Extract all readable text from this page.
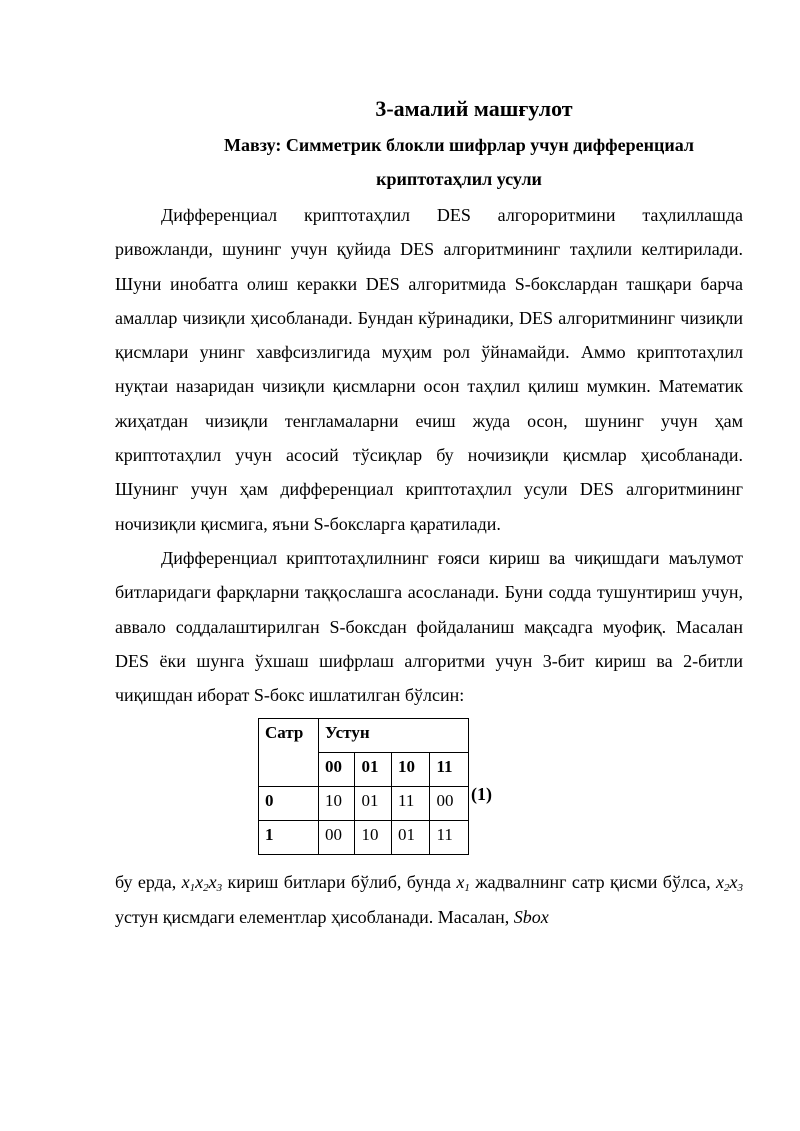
3-амалий машғулот

Мавзу: Симметрик блокли шифрлар учун дифференциал криптотаҳлил усули

Дифференциал криптотаҳлил DES алгороритмини таҳлиллашда ривожланди, шунинг учун қуйида DES алгоритмининг таҳлили келтирилади. Шуни инобатга олиш керакки DES алгоритмида S-бокслардан ташқари барча амаллар чизиқли ҳисобланади. Бундан кўринадики, DES алгоритмининг чизиқли қисмлари унинг хавфсизлигида муҳим рол ўйнамайди. Аммо криптотаҳлил нуқтаи назаридан чизиқли қисмларни осон таҳлил қилиш мумкин. Математик жиҳатдан чизиқли тенгламаларни ечиш жуда осон, шунинг учун ҳам криптотаҳлил учун асосий тўсиқлар бу ночизиқли қисмлар ҳисобланади. Шунинг учун ҳам дифференциал криптотаҳлил усули DES алгоритмининг ночизиқли қисмига, яъни S-боксларга қаратилади.

Дифференциал криптотаҳлилнинг ғояси кириш ва чиқишдаги маълумот битларидаги фарқларни таққослашга асосланади. Буни содда тушунтириш учун, аввало соддалаштирилган S-боксдан фойдаланиш мақсадга муофиқ. Масалан DES ёки шунга ўхшаш шифрлаш алгоритми учун 3-бит кириш ва 2-битли чиқишдан иборат S-бокс ишлатилган бўлсин:

Сатр	Устун			
	00	01	10	11
0	10	01	11	00
1	00	10	01	11
(1)

бу ерда, $x_1x_2x_3$ кириш битлари бўлиб, бунда $x_1$ жадвалнинг сатр қисми бўлса, $x_2x_3$ устун қисмдаги елементлар ҳисобланади. Масалан, Sbox
